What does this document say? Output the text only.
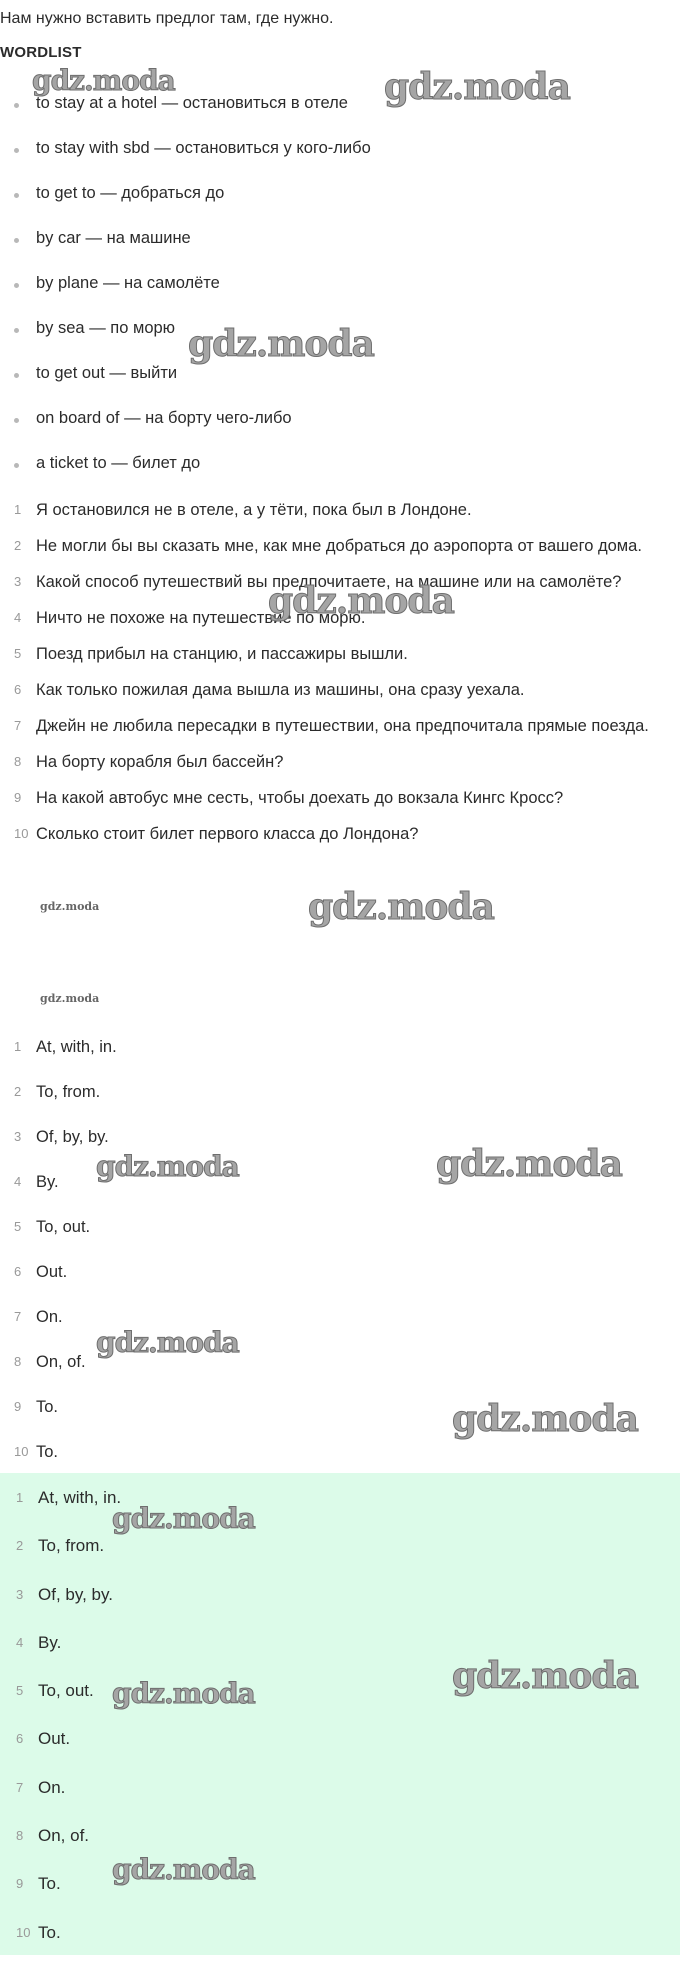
Нам нужно вставить предлог там, где нужно.
WORDLIST
to stay at a hotel — остановиться в отеле
to stay with sbd — остановиться у кого-либо
to get to — добраться до
by car — на машине
by plane — на самолёте
by sea — по морю
to get out — выйти
on board of — на борту чего-либо
a ticket to — билет до
1 Я остановился не в отеле, а у тёти, пока был в Лондоне.
2 Не могли бы вы сказать мне, как мне добраться до аэропорта от вашего дома.
3 Какой способ путешествий вы предпочитаете, на машине или на самолёте?
4 Ничто не похоже на путешествие по морю.
5 Поезд прибыл на станцию, и пассажиры вышли.
6 Как только пожилая дама вышла из машины, она сразу уехала.
7 Джейн не любила пересадки в путешествии, она предпочитала прямые поезда.
8 На борту корабля был бассейн?
9 На какой автобус мне сесть, чтобы доехать до вокзала Кингс Кросс?
10 Сколько стоит билет первого класса до Лондона?
1 At, with, in.
2 To, from.
3 Of, by, by.
4 By.
5 To, out.
6 Out.
7 On.
8 On, of.
9 To.
10 To.
1 At, with, in.
2 To, from.
3 Of, by, by.
4 By.
5 To, out.
6 Out.
7 On.
8 On, of.
9 To.
10 To.
gdz.moda	gdz.moda
gdz.moda
gdz.moda
gdz.moda	gdz.moda
gdz.moda
gdz.moda	gdz.moda
gdz.moda
gdz.moda
gdz.moda
gdz.moda	gdz.moda
gdz.moda
